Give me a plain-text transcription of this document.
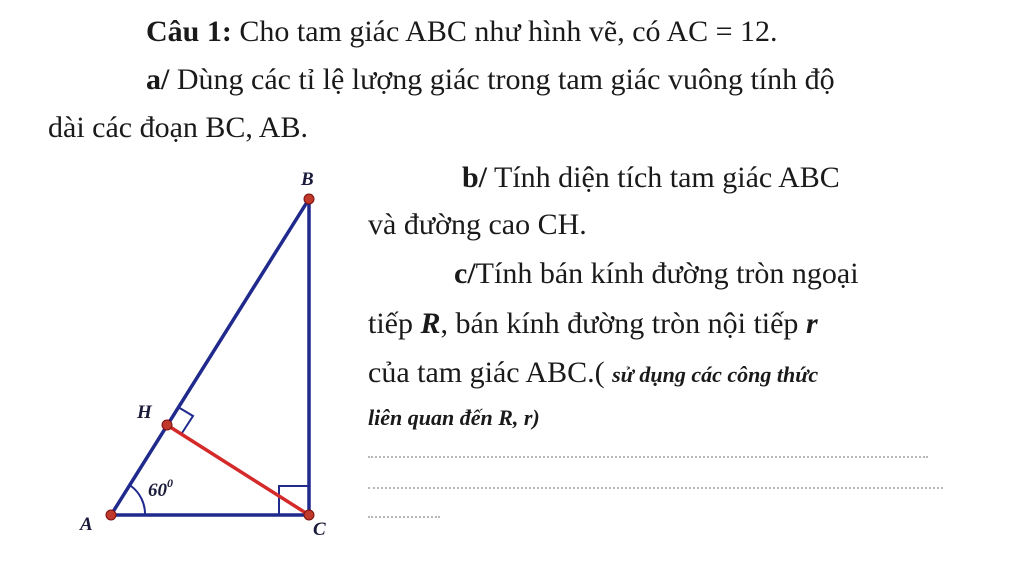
Câu 1: Cho tam giác ABC như hình vẽ, có AC = 12.
a/ Dùng các tỉ lệ lượng giác trong tam giác vuông tính độ
dài các đoạn BC, AB.
b/ Tính diện tích tam giác ABC
và đường cao CH.
c/Tính bán kính đường tròn ngoại
tiếp R, bán kính đường tròn nội tiếp r
của tam giác ABC.( sử dụng các công thức
liên quan đến R, r)
B
A	C
H
$60^0$
